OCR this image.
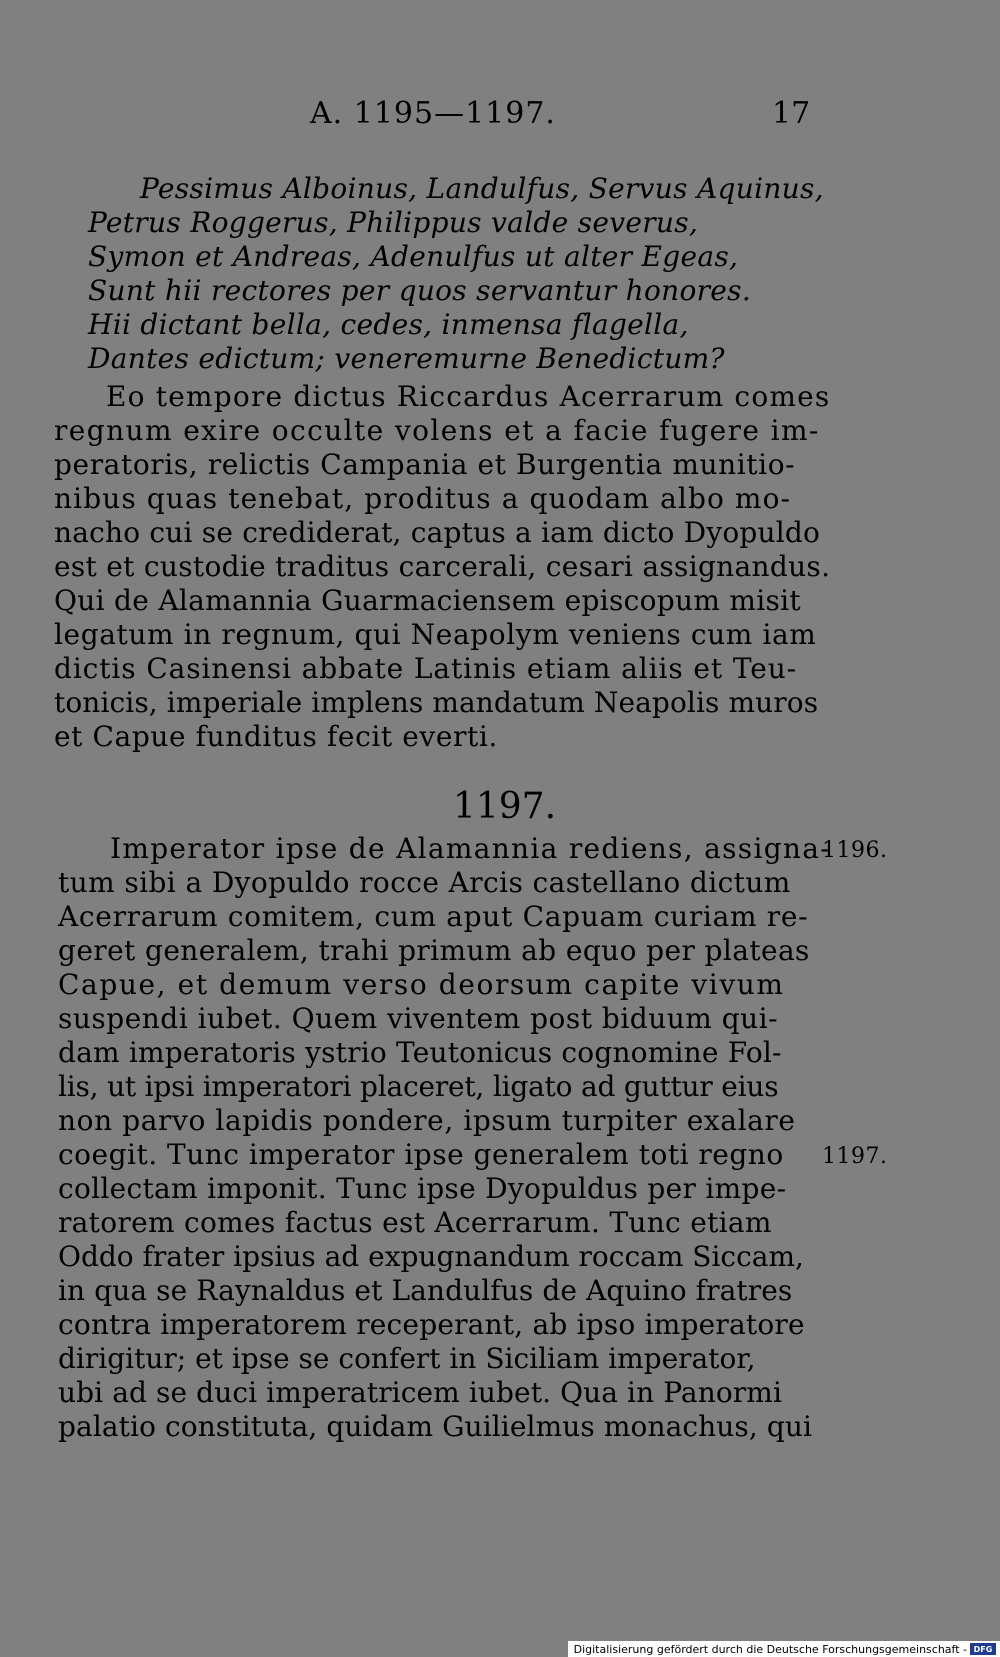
A. 1195—1197.	17
Pessimus Alboinus, Landulfus, Servus Aquinus,
Petrus Roggerus, Philippus valde severus,
Symon et Andreas, Adenulfus ut alter Egeas,
Sunt hii rectores per quos servantur honores.
Hii dictant bella, cedes, inmensa flagella,
Dantes edictum; veneremurne Benedictum?
Eo tempore dictus Riccardus Acerrarum comes
regnum exire occulte volens et a facie fugere im-
peratoris, relictis Campania et Burgentia munitio-
nibus quas tenebat, proditus a quodam albo mo-
nacho cui se crediderat, captus a iam dicto Dyopuldo
est et custodie traditus carcerali, cesari assignandus.
Qui de Alamannia Guarmaciensem episcopum misit
legatum in regnum, qui Neapolym veniens cum iam
dictis Casinensi abbate Latinis etiam aliis et Teu-
tonicis, imperiale implens mandatum Neapolis muros
et Capue funditus fecit everti.
1197.
Imperator ipse de Alamannia rediens, assigna-
tum sibi a Dyopuldo rocce Arcis castellano dictum
Acerrarum comitem, cum aput Capuam curiam re-
geret generalem, trahi primum ab equo per plateas
Capue, et demum verso deorsum capite vivum
suspendi iubet. Quem viventem post biduum qui-
dam imperatoris ystrio Teutonicus cognomine Fol-
lis, ut ipsi imperatori placeret, ligato ad guttur eius
non parvo lapidis pondere, ipsum turpiter exalare
coegit. Tunc imperator ipse generalem toti regno
collectam imponit. Tunc ipse Dyopuldus per impe-
ratorem comes factus est Acerrarum. Tunc etiam
Oddo frater ipsius ad expugnandum roccam Siccam,
in qua se Raynaldus et Landulfus de Aquino fratres
contra imperatorem receperant, ab ipso imperatore
dirigitur; et ipse se confert in Siciliam imperator,
ubi ad se duci imperatricem iubet. Qua in Panormi
palatio constituta, quidam Guilielmus monachus, qui
1196.
1197.
Digitalisierung gefördert durch die Deutsche Forschungsgemeinschaft - DFG
